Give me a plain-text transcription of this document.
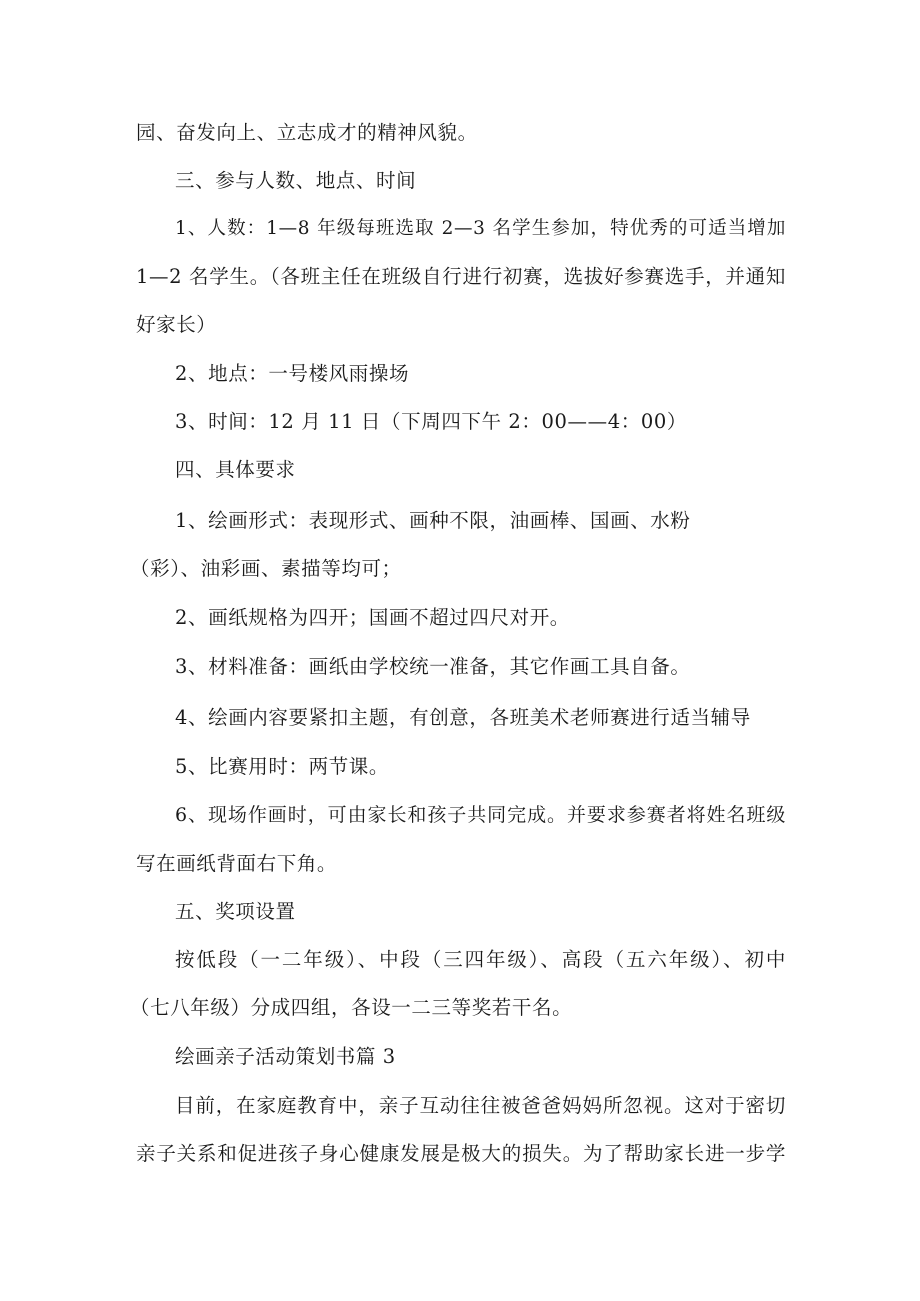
园、奋发向上、立志成才的精神风貌。
三、参与人数、地点、时间
1、人数：1—8 年级每班选取 2—3 名学生参加，特优秀的可适当增加
1—2 名学生。（各班主任在班级自行进行初赛，选拔好参赛选手，并通知
好家长）
2、地点：一号楼风雨操场
3、时间：12 月 11 日（下周四下午 2：00——4：00）
四、具体要求
1、绘画形式：表现形式、画种不限，油画棒、国画、水粉
（彩）、油彩画、素描等均可；
2、画纸规格为四开；国画不超过四尺对开。
3、材料准备：画纸由学校统一准备，其它作画工具自备。
4、绘画内容要紧扣主题，有创意，各班美术老师赛进行适当辅导
5、比赛用时：两节课。
6、现场作画时，可由家长和孩子共同完成。并要求参赛者将姓名班级
写在画纸背面右下角。
五、奖项设置
按低段（一二年级）、中段（三四年级）、高段（五六年级）、初中
（七八年级）分成四组，各设一二三等奖若干名。
绘画亲子活动策划书篇 3
目前，在家庭教育中，亲子互动往往被爸爸妈妈所忽视。这对于密切
亲子关系和促进孩子身心健康发展是极大的损失。为了帮助家长进一步学
